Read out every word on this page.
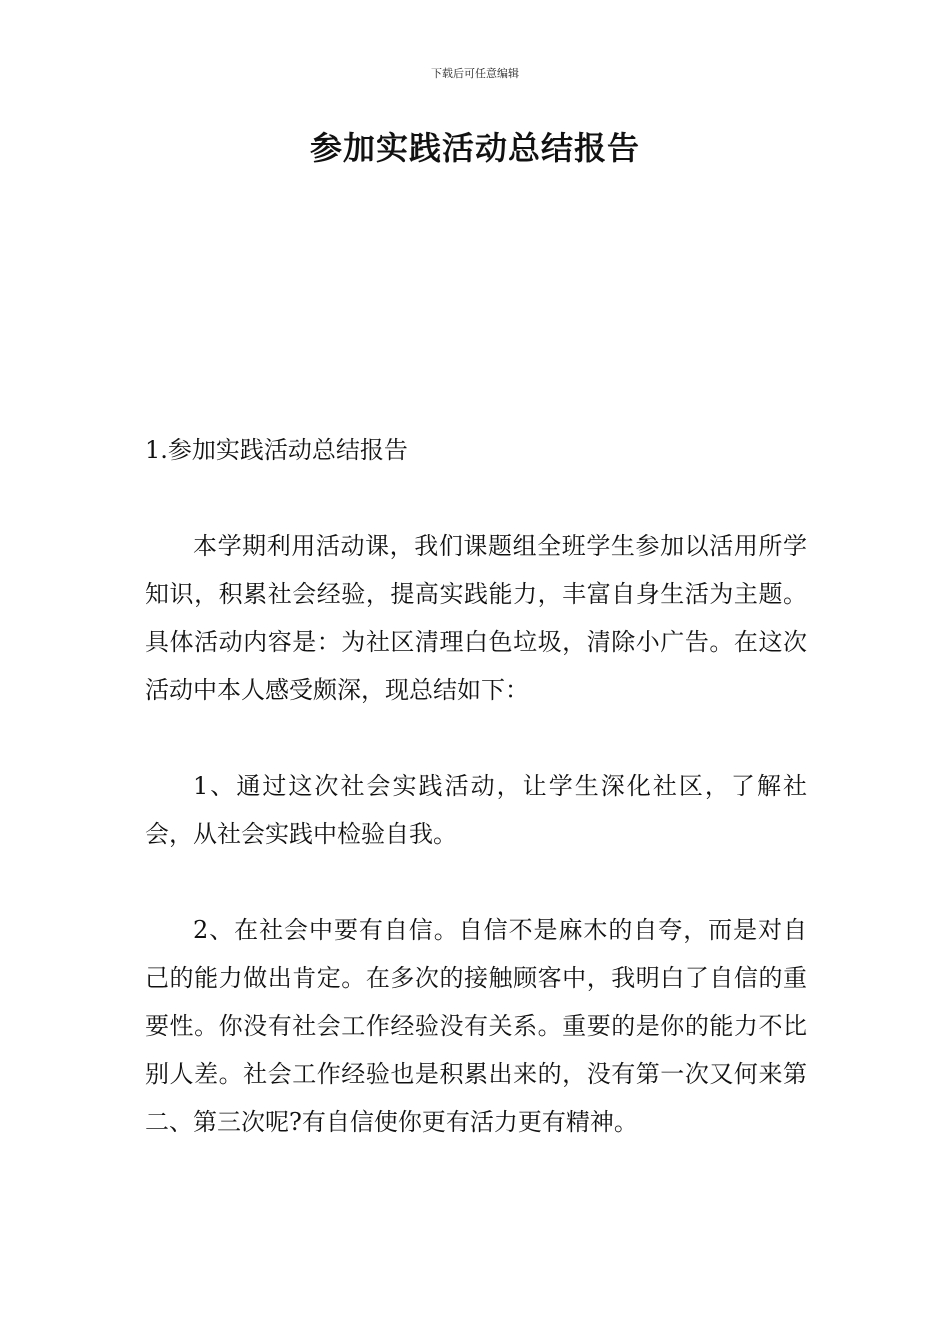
下载后可任意编辑
参加实践活动总结报告
1.参加实践活动总结报告

本学期利用活动课，我们课题组全班学生参加以活用所学知识，积累社会经验，提高实践能力，丰富自身生活为主题。具体活动内容是：为社区清理白色垃圾，清除小广告。在这次活动中本人感受颇深，现总结如下：

1、通过这次社会实践活动，让学生深化社区，了解社会，从社会实践中检验自我。

2、在社会中要有自信。自信不是麻木的自夸，而是对自己的能力做出肯定。在多次的接触顾客中，我明白了自信的重要性。你没有社会工作经验没有关系。重要的是你的能力不比别人差。社会工作经验也是积累出来的，没有第一次又何来第二、第三次呢?有自信使你更有活力更有精神。
